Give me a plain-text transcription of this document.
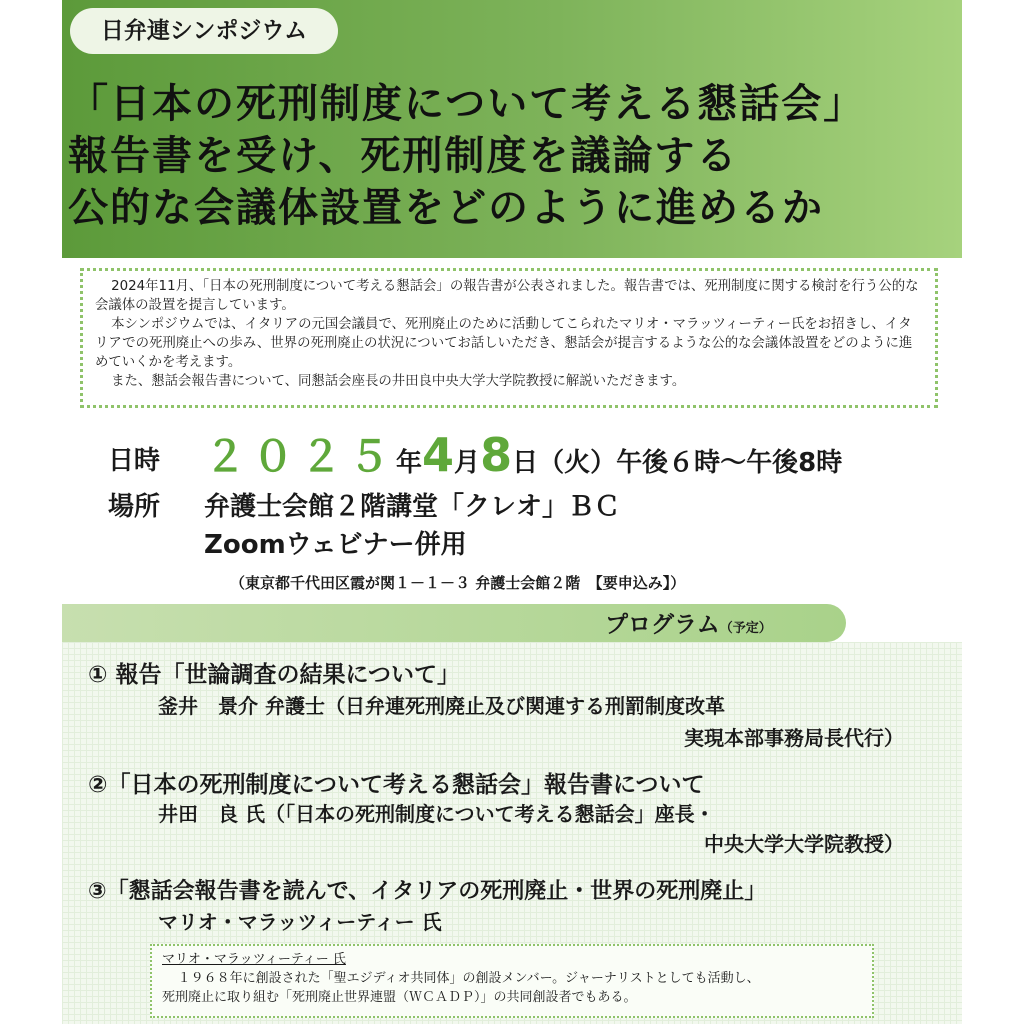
日弁連シンポジウム
「日本の死刑制度について考える懇話会」
報告書を受け、死刑制度を議論する
公的な会議体設置をどのように進めるか

2024年11月、「日本の死刑制度について考える懇話会」の報告書が公表されました。報告書では、死刑制度に関する検討を行う公的な会議体の設置を提言しています。

本シンポジウムでは、イタリアの元国会議員で、死刑廃止のために活動してこられたマリオ・マラッツィーティー氏をお招きし、イタリアでの死刑廃止への歩み、世界の死刑廃止の状況についてお話しいただき、懇話会が提言するような公的な会議体設置をどのように進めていくかを考えます。

また、懇話会報告書について、同懇話会座長の井田良中央大学大学院教授に解説いただきます。

日時 ２０２５年4月8日（火）午後６時～午後8時
場所 弁護士会館２階講堂「クレオ」ＢＣ
Zoomウェビナー併用
（東京都千代田区霞が関１－１－３ 弁護士会館２階　【要申込み】）
プログラム（予定）
① 報告「世論調査の結果について」
釜井　景介 弁護士（日弁連死刑廃止及び関連する刑罰制度改革
実現本部事務局長代行）
②「日本の死刑制度について考える懇話会」報告書について
井田　良 氏（「日本の死刑制度について考える懇話会」座長・
中央大学大学院教授）
③「懇話会報告書を読んで、イタリアの死刑廃止・世界の死刑廃止」
マリオ・マラッツィーティー 氏

マリオ・マラッツィーティー 氏

１９６８年に創設された「聖エジディオ共同体」の創設メンバー。ジャーナリストとしても活動し、

死刑廃止に取り組む「死刑廃止世界連盟（ＷＣＡＤＰ）」の共同創設者でもある。
